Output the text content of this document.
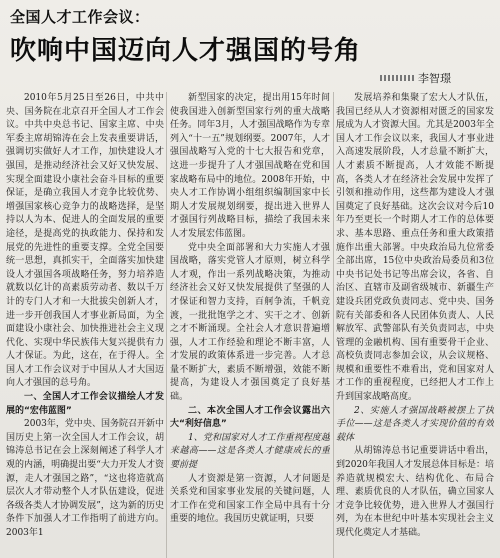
全国人才工作会议：
吹响中国迈向人才强国的号角
李智璟

2010年5月25日至26日，中共中央、国务院在北京召开全国人才工作会议。中共中央总书记、国家主席、中央军委主席胡锦涛在会上发表重要讲话，强调切实做好人才工作，加快建设人才强国，是推动经济社会又好又快发展、实现全面建设小康社会奋斗目标的重要保证，是确立我国人才竞争比较优势、增强国家核心竞争力的战略选择，是坚持以人为本、促进人的全面发展的重要途径，是提高党的执政能力、保持和发展党的先进性的重要支撑。全党全国要统一思想，真抓实干，全面落实加快建设人才强国各项战略任务，努力培养造就数以亿计的高素质劳动者、数以千万计的专门人才和一大批拔尖创新人才，进一步开创我国人才事业新局面，为全面建设小康社会、加快推进社会主义现代化、实现中华民族伟大复兴提供有力人才保证。为此，这在，在于得人。全国人才工作会议对于中国从人才大国迈向人才强国的总号角。

一、全国人才工作会议描绘人才发展的“宏伟蓝图”

2003年，党中央、国务院召开新中国历史上第一次全国人才工作会议，胡锦涛总书记在会上深刻阐述了科学人才观的内涵，明确提出要“大力开发人才资源，走人才强国之路”，“这也将造就高层次人才带动整个人才队伍建设，促进各级各类人才协调发展”，这为新的历史条件下加强人才工作指明了前进方向。2003年1

新型国家的决定，提出用15年时间使我国进入创新型国家行列的重大战略任务。同年3月，人才强国战略作为专章列入“十一五”规划纲要。2007年，人才强国战略写入党的十七大报告和党章，这进一步提升了人才强国战略在党和国家战略布局中的地位。2008年开始，中央人才工作协调小组组织编制国家中长期人才发展规划纲要，提出进入世界人才强国行列战略目标，描绘了我国未来人才发展宏伟蓝图。

党中央全面部署和大力实施人才强国战略，落实党管人才原则，树立科学人才观，作出一系列战略决策，为推动经济社会又好又快发展提供了坚强的人才保证和智力支持，百舸争流，千帆竞渡，一批批饱学之才、实干之才、创新之才不断涌现。全社会人才意识普遍增强，人才工作经验和理论不断丰富，人才发展的政策体系进一步完善。人才总量不断扩大，素质不断增强，效能不断提高，为建设人才强国奠定了良好基础。

二、本次全国人才工作会议露出六大“利好信息”

1、党和国家对人才工作重视程度越来越高——这是各类人才健康成长的重要前提

人才资源是第一资源，人才问题是关系党和国家事业发展的关键问题，人才工作在党和国家工作全局中具有十分重要的地位。我国历史就证明，只要

发展培养和集聚了宏大人才队伍，我国已经从人才资源相对匮乏的国家发展成为人才资源大国。尤其是2003年全国人才工作会议以来，我国人才事业进入高速发展阶段，人才总量不断扩大，人才素质不断提高，人才效能不断提高，各类人才在经济社会发展中发挥了引领和推动作用，这些都为建设人才强国奠定了良好基础。这次会议对今后10年乃至更长一个时期人才工作的总体要求、基本思路、重点任务和重大政策措施作出重大部署。中央政治局九位常委全部出席，15位中央政治局委员和3位中央书记处书记等出席会议，各省、自治区、直辖市及副省级城市、新疆生产建设兵团党政负责同志、党中央、国务院有关部委和各人民团体负责人、人民解放军、武警部队有关负责同志，中央管理的金融机构、国有重要骨干企业、高校负责同志参加会议，从会议规格、规模和重要性不难看出，党和国家对人才工作的重视程度，已经把人才工作上升到国家战略高度。

2、实施人才强国战略被摆上了执手位——这是各类人才实现价值的有效载体

从胡锦涛总书记重要讲话中看出，到2020年我国人才发展总体目标是：培养造就规模宏大、结构优化、布局合理、素质优良的人才队伍，确立国家人才竞争比较优势，进入世界人才强国行列，为在本世纪中叶基本实现社会主义现代化奠定人才基础。
